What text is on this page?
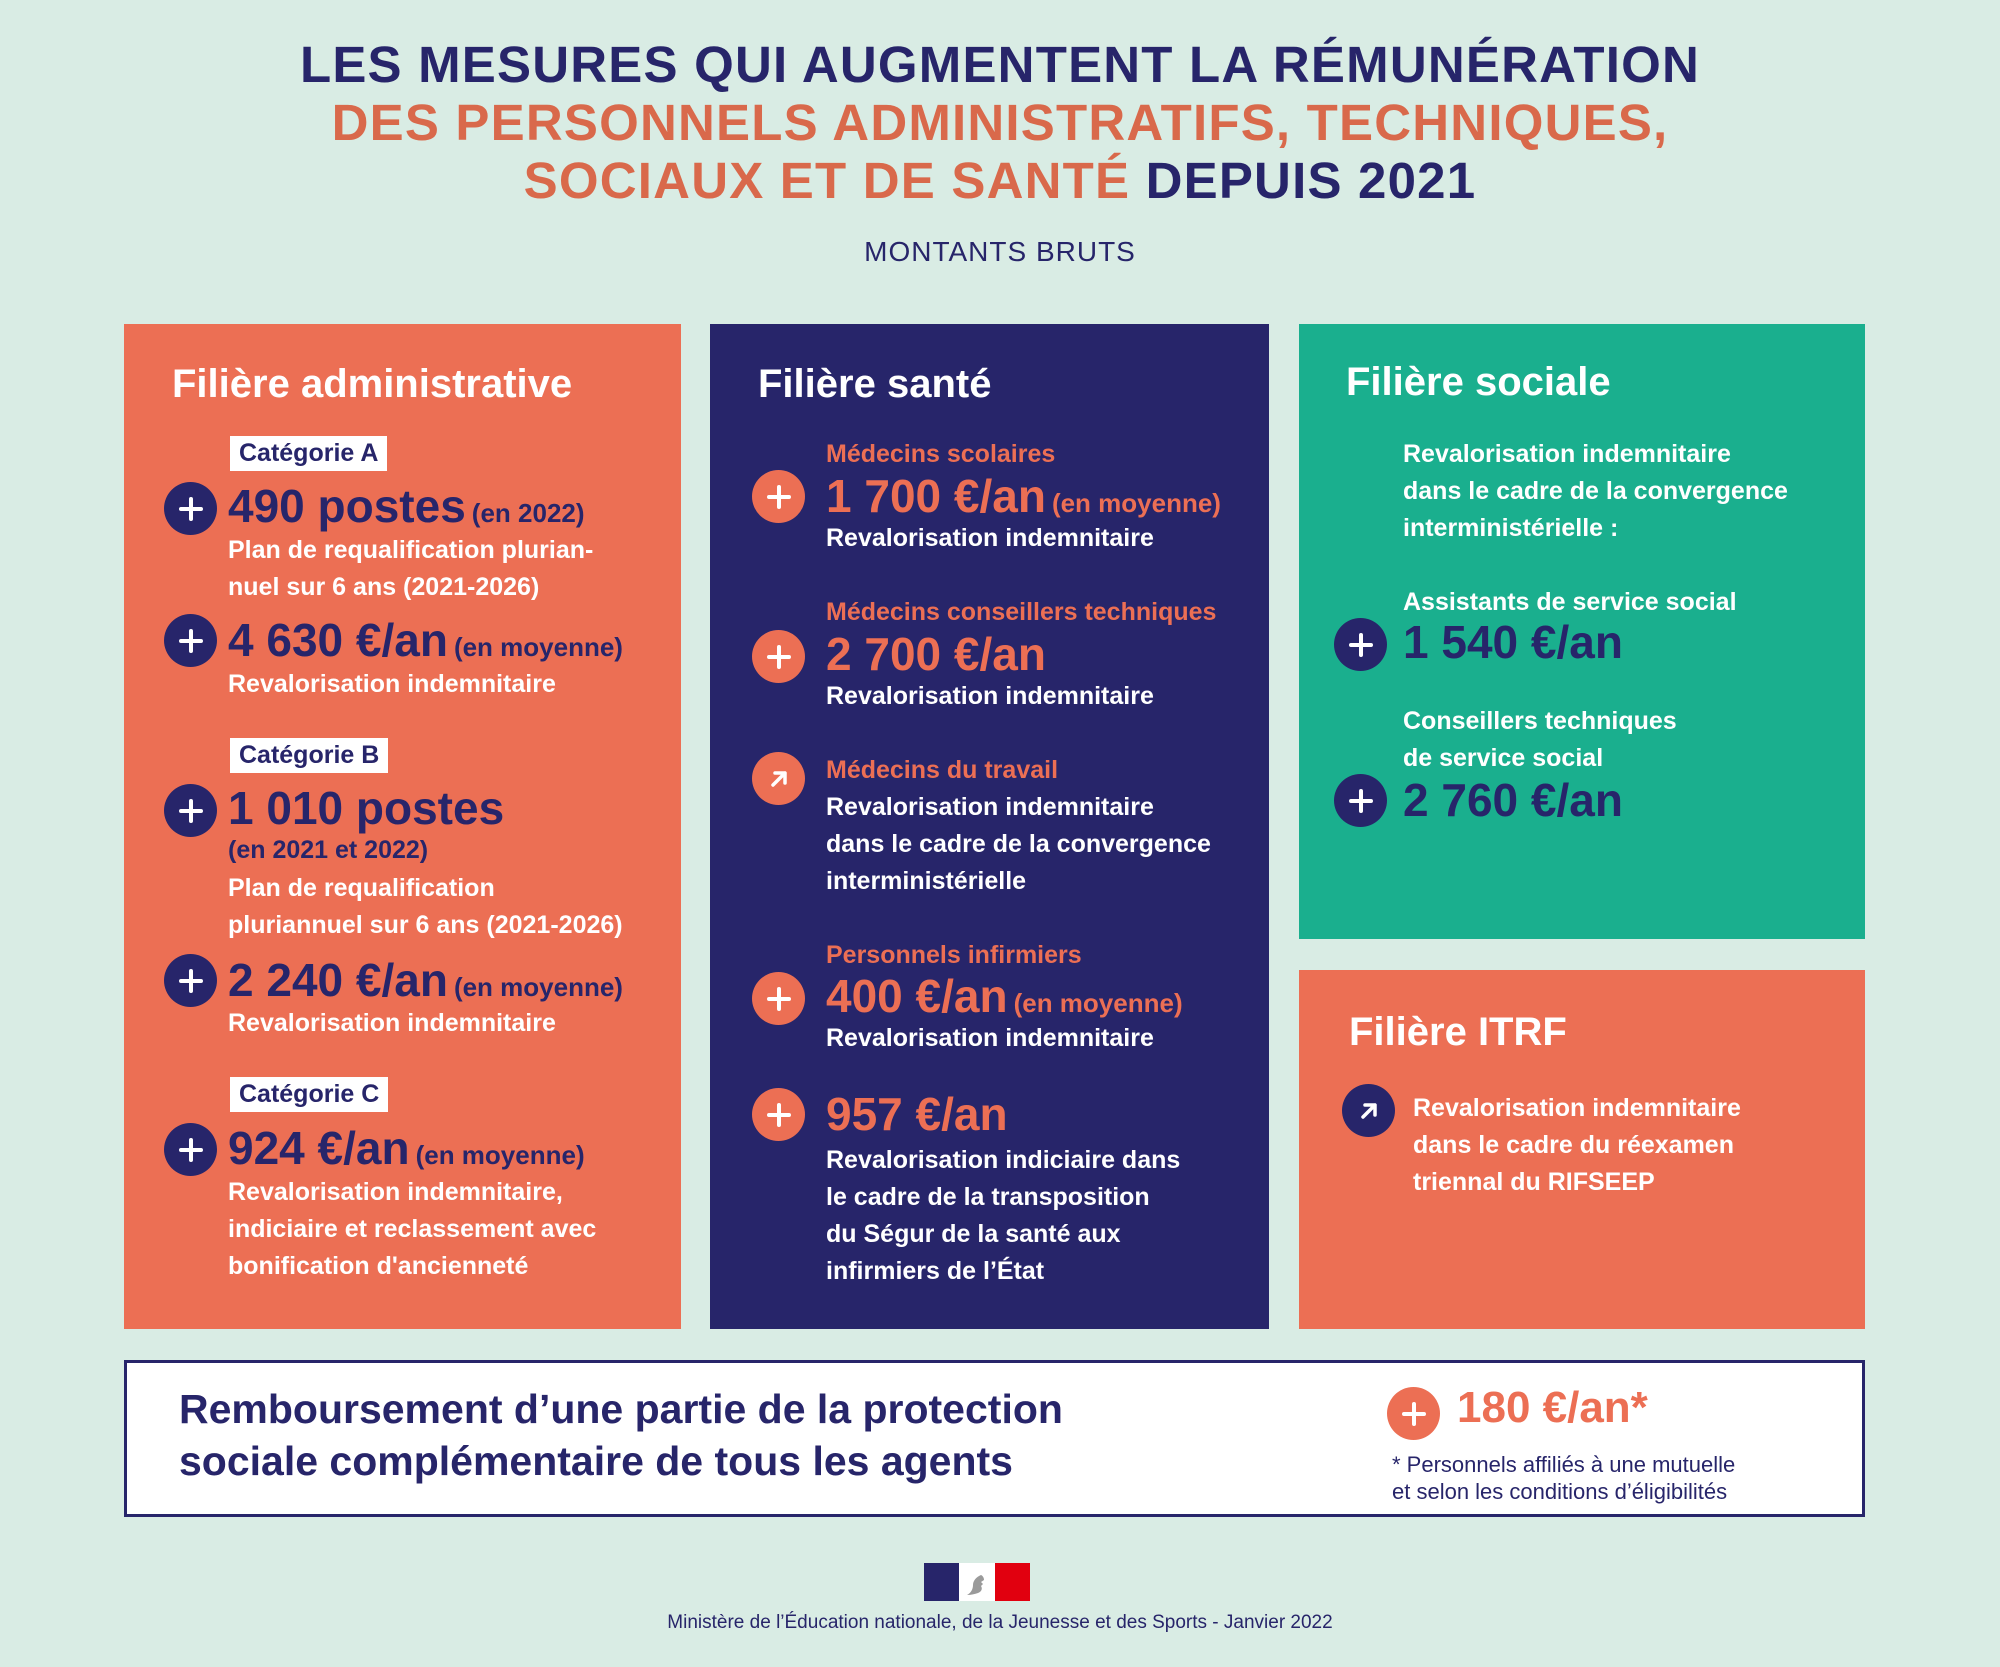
LES MESURES QUI AUGMENTENT LA RÉMUNÉRATION
DES PERSONNELS ADMINISTRATIFS, TECHNIQUES,
SOCIAUX ET DE SANTÉ DEPUIS 2021
MONTANTS BRUTS
Filière administrative
Catégorie A
490 postes (en 2022)
Plan de requalification plurian-
nuel sur 6 ans (2021-2026)
4 630 €/an (en moyenne)
Revalorisation indemnitaire
Catégorie B
1 010 postes
(en 2021 et 2022)
Plan de requalification
pluriannuel sur 6 ans (2021-2026)
2 240 €/an (en moyenne)
Revalorisation indemnitaire
Catégorie C
924 €/an (en moyenne)
Revalorisation indemnitaire,
indiciaire et reclassement avec
bonification d'ancienneté
Filière santé
Médecins scolaires
1 700 €/an (en moyenne)
Revalorisation indemnitaire
Médecins conseillers techniques
2 700 €/an
Revalorisation indemnitaire
Médecins du travail
Revalorisation indemnitaire
dans le cadre de la convergence
interministérielle
Personnels infirmiers
400 €/an (en moyenne)
Revalorisation indemnitaire
957 €/an
Revalorisation indiciaire dans
le cadre de la transposition
du Ségur de la santé aux
infirmiers de l’État
Filière sociale
Revalorisation indemnitaire
dans le cadre de la convergence
interministérielle :
Assistants de service social
1 540 €/an
Conseillers techniques
de service social
2 760 €/an
Filière ITRF
Revalorisation indemnitaire
dans le cadre du réexamen
triennal du RIFSEEP
Remboursement d’une partie de la protection
sociale complémentaire de tous les agents
180 €/an*
* Personnels affiliés à une mutuelle
et selon les conditions d’éligibilités
Ministère de l’Éducation nationale, de la Jeunesse et des Sports - Janvier 2022
